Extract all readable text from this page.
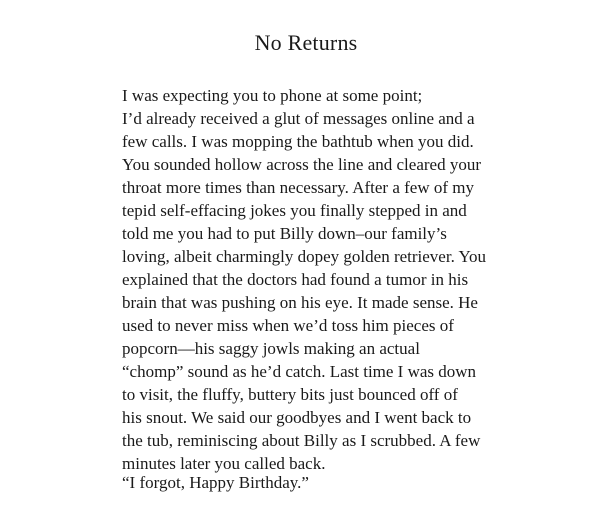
No Returns
I was expecting you to phone at some point;
I’d already received a glut of messages online and a
few calls. I was mopping the bathtub when you did.
You sounded hollow across the line and cleared your
throat more times than necessary. After a few of my
tepid self-effacing jokes you finally stepped in and
told me you had to put Billy down–our family’s
loving, albeit charmingly dopey golden retriever. You
explained that the doctors had found a tumor in his
brain that was pushing on his eye. It made sense. He
used to never miss when we’d toss him pieces of
popcorn—his saggy jowls making an actual
“chomp” sound as he’d catch. Last time I was down
to visit, the fluffy, buttery bits just bounced off of
his snout. We said our goodbyes and I went back to
the tub, reminiscing about Billy as I scrubbed. A few
minutes later you called back.
“I forgot, Happy Birthday.”
